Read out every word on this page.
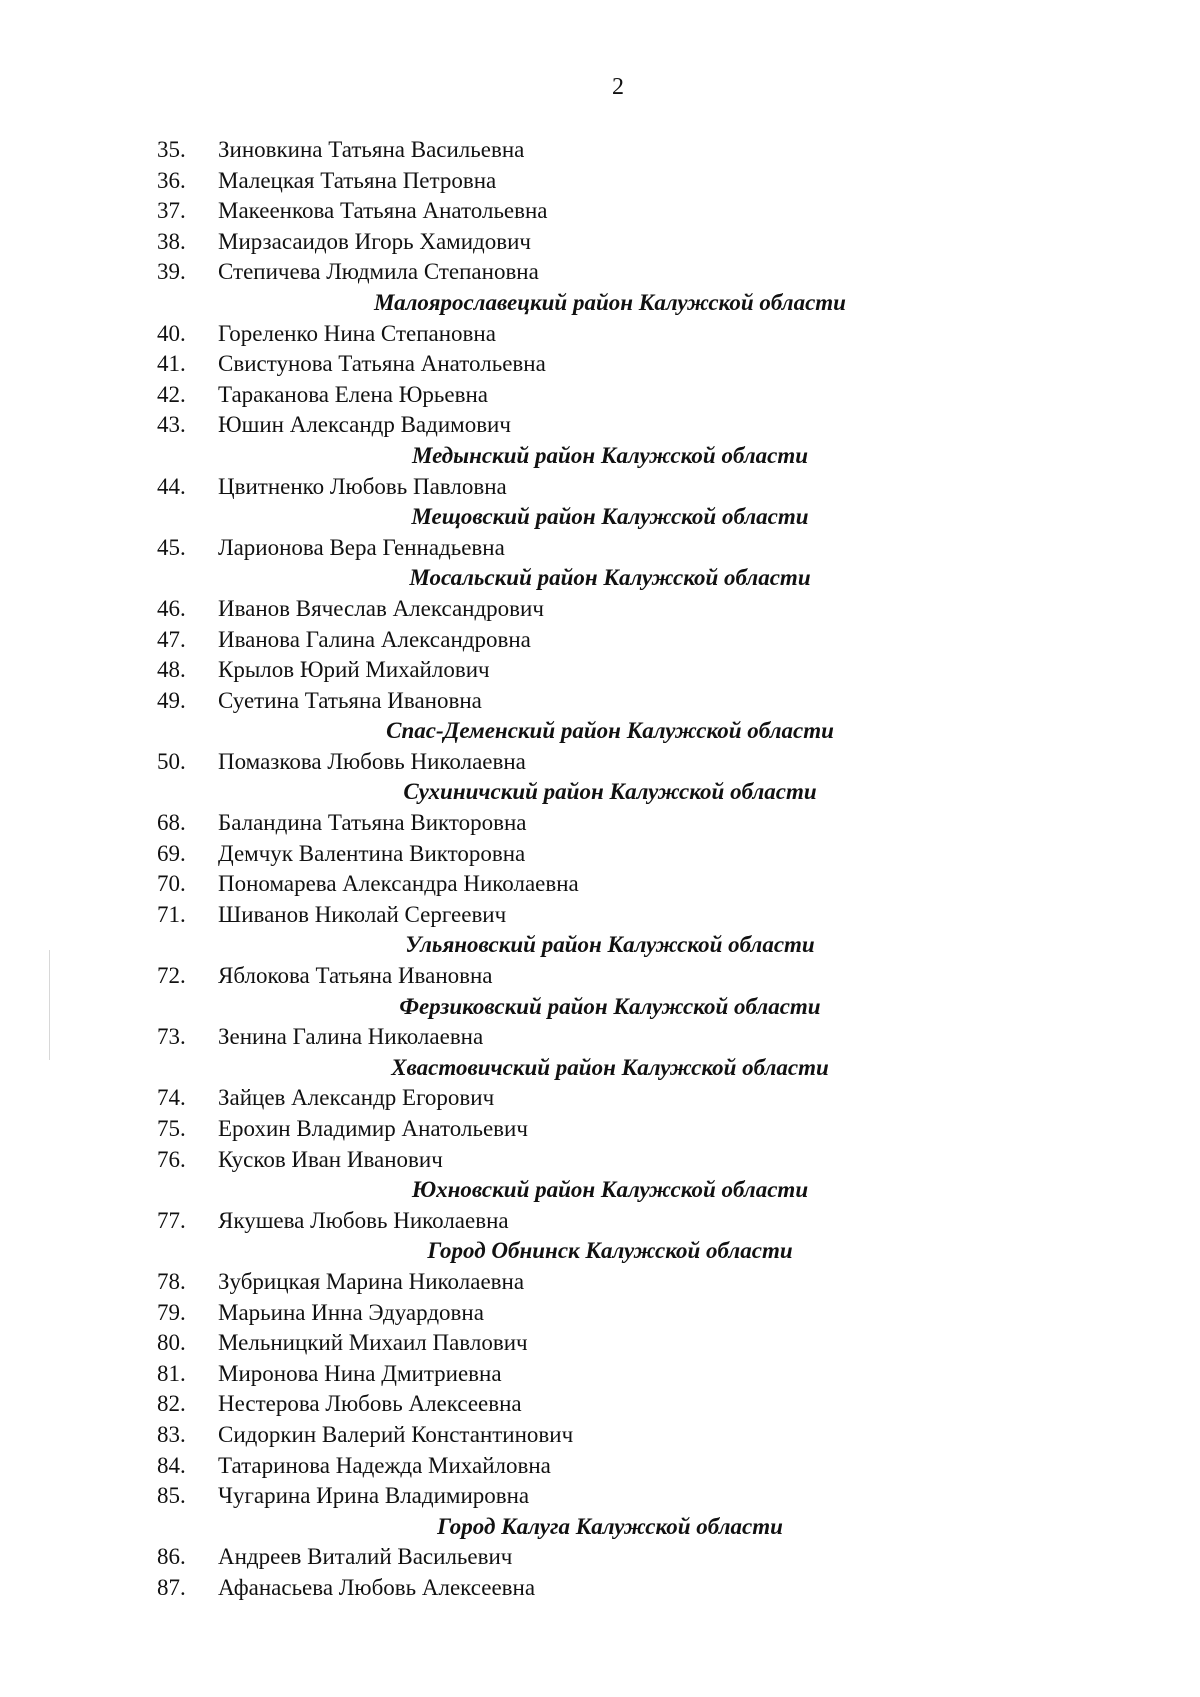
2
35. Зиновкина Татьяна Васильевна
36. Малецкая Татьяна Петровна
37. Макеенкова Татьяна Анатольевна
38. Мирзасаидов Игорь Хамидович
39. Степичева Людмила Степановна
Малоярославецкий район Калужской области
40. Гореленко Нина Степановна
41. Свистунова Татьяна Анатольевна
42. Тараканова Елена Юрьевна
43. Юшин Александр Вадимович
Медынский район Калужской области
44. Цвитненко Любовь Павловна
Мещовский район Калужской области
45. Ларионова Вера Геннадьевна
Мосальский район Калужской области
46. Иванов Вячеслав Александрович
47. Иванова Галина Александровна
48. Крылов Юрий Михайлович
49. Суетина Татьяна Ивановна
Спас-Деменский район Калужской области
50. Помазкова Любовь Николаевна
Сухиничский район Калужской области
68. Баландина Татьяна Викторовна
69. Демчук Валентина Викторовна
70. Пономарева Александра Николаевна
71. Шиванов Николай Сергеевич
Ульяновский район Калужской области
72. Яблокова Татьяна Ивановна
Ферзиковский район Калужской области
73. Зенина Галина Николаевна
Хвастовичский район Калужской области
74. Зайцев Александр Егорович
75. Ерохин Владимир Анатольевич
76. Кусков Иван Иванович
Юхновский район Калужской области
77. Якушева Любовь Николаевна
Город Обнинск Калужской области
78. Зубрицкая Марина Николаевна
79. Марьина Инна Эдуардовна
80. Мельницкий Михаил Павлович
81. Миронова Нина Дмитриевна
82. Нестерова Любовь Алексеевна
83. Сидоркин Валерий Константинович
84. Татаринова Надежда Михайловна
85. Чугарина Ирина Владимировна
Город Калуга Калужской области
86. Андреев Виталий Васильевич
87. Афанасьева Любовь Алексеевна
